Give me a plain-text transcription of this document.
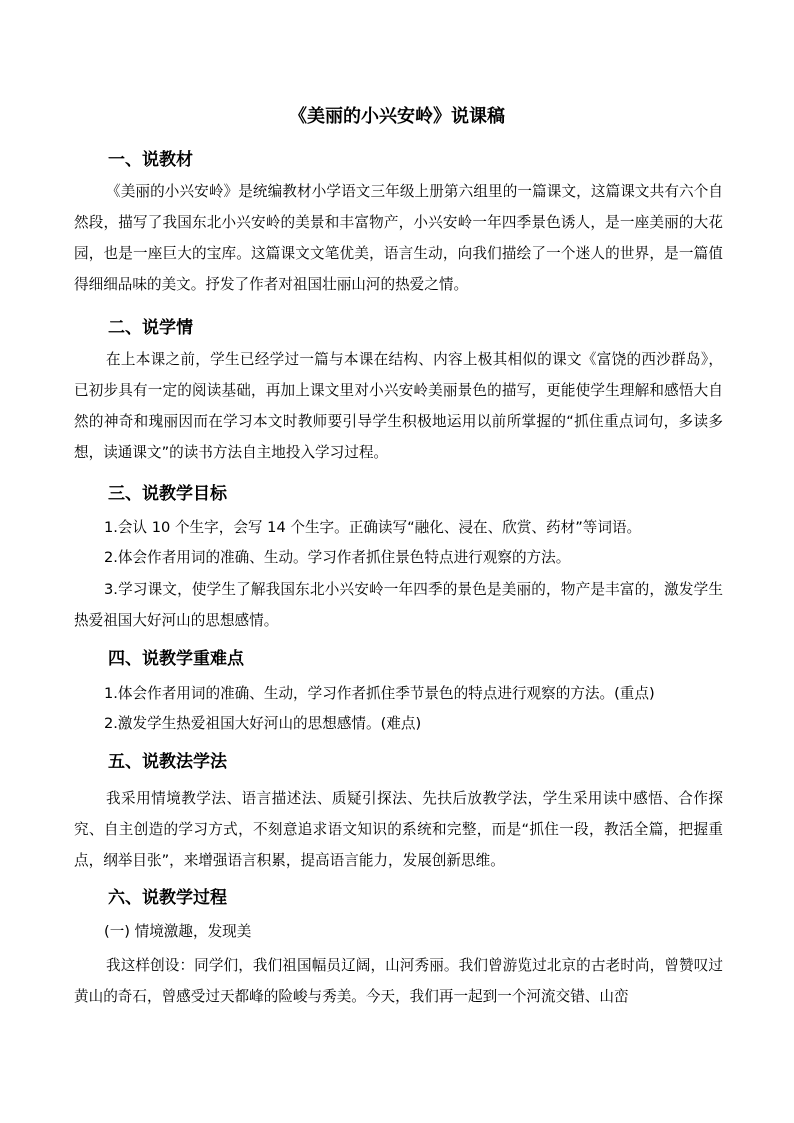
《美丽的小兴安岭》说课稿
一、说教材

《美丽的小兴安岭》是统编教材小学语文三年级上册第六组里的一篇课文，这篇课文共有六个自然段，描写了我国东北小兴安岭的美景和丰富物产，小兴安岭一年四季景色诱人，是一座美丽的大花园，也是一座巨大的宝库。这篇课文文笔优美，语言生动，向我们描绘了一个迷人的世界，是一篇值得细细品味的美文。抒发了作者对祖国壮丽山河的热爱之情。

二、说学情

在上本课之前，学生已经学过一篇与本课在结构、内容上极其相似的课文《富饶的西沙群岛》，已初步具有一定的阅读基础，再加上课文里对小兴安岭美丽景色的描写，更能使学生理解和感悟大自然的神奇和瑰丽因而在学习本文时教师要引导学生积极地运用以前所掌握的“抓住重点词句，多读多想，读通课文”的读书方法自主地投入学习过程。

三、说教学目标

1.会认 10 个生字，会写 14 个生字。正确读写“融化、浸在、欣赏、药材”等词语。

2.体会作者用词的准确、生动。学习作者抓住景色特点进行观察的方法。

3.学习课文，使学生了解我国东北小兴安岭一年四季的景色是美丽的，物产是丰富的，激发学生热爱祖国大好河山的思想感情。

四、说教学重难点

1.体会作者用词的准确、生动，学习作者抓住季节景色的特点进行观察的方法。(重点)

2.激发学生热爱祖国大好河山的思想感情。(难点)

五、说教法学法

我采用情境教学法、语言描述法、质疑引探法、先扶后放教学法，学生采用读中感悟、合作探究、自主创造的学习方式，不刻意追求语文知识的系统和完整，而是“抓住一段，教活全篇，把握重点，纲举目张”，来增强语言积累，提高语言能力，发展创新思维。

六、说教学过程

(一) 情境激趣，发现美

我这样创设：同学们，我们祖国幅员辽阔，山河秀丽。我们曾游览过北京的古老时尚，曾赞叹过黄山的奇石，曾感受过天都峰的险峻与秀美。今天，我们再一起到一个河流交错、山峦
